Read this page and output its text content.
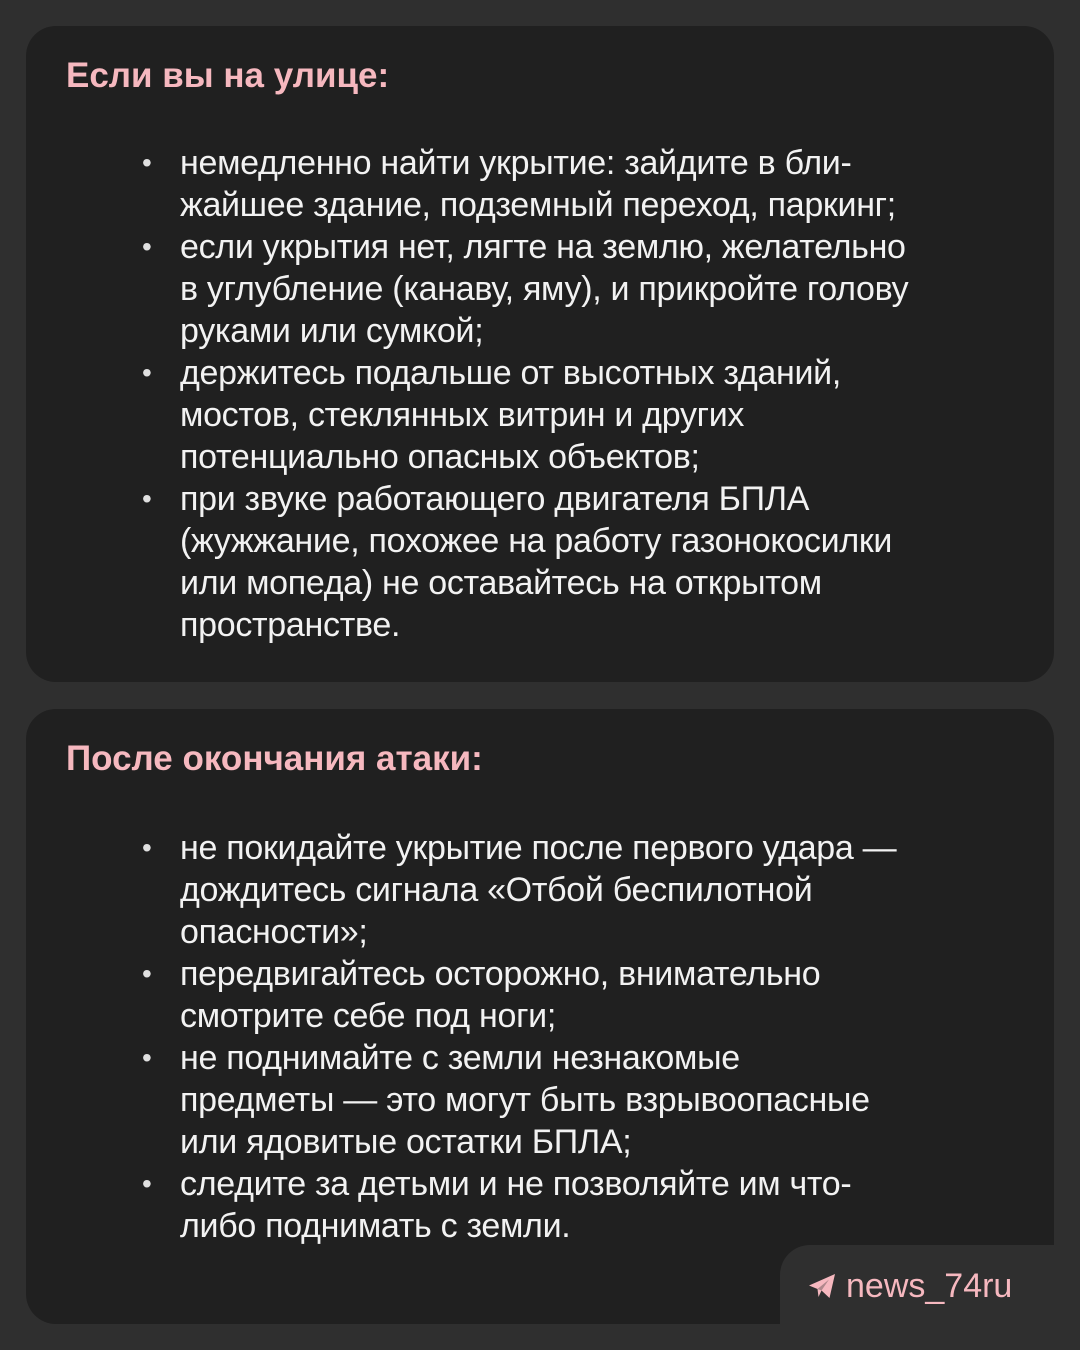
Если вы на улице:
• немедленно найти укрытие: зайдите в бли-
жайшее здание, подземный переход, паркинг;
• если укрытия нет, лягте на землю, желательно
в углубление (канаву, яму), и прикройте голову
руками или сумкой;
• держитесь подальше от высотных зданий,
мостов, стеклянных витрин и других
потенциально опасных объектов;
• при звуке работающего двигателя БПЛА
(жужжание, похожее на работу газонокосилки
или мопеда) не оставайтесь на открытом
пространстве.
После окончания атаки:
• не покидайте укрытие после первого удара —
дождитесь сигнала «Отбой беспилотной
опасности»;
• передвигайтесь осторожно, внимательно
смотрите себе под ноги;
• не поднимайте с земли незнакомые
предметы — это могут быть взрывоопасные
или ядовитые остатки БПЛА;
• следите за детьми и не позволяйте им что-
либо поднимать с земли.
news_74ru
